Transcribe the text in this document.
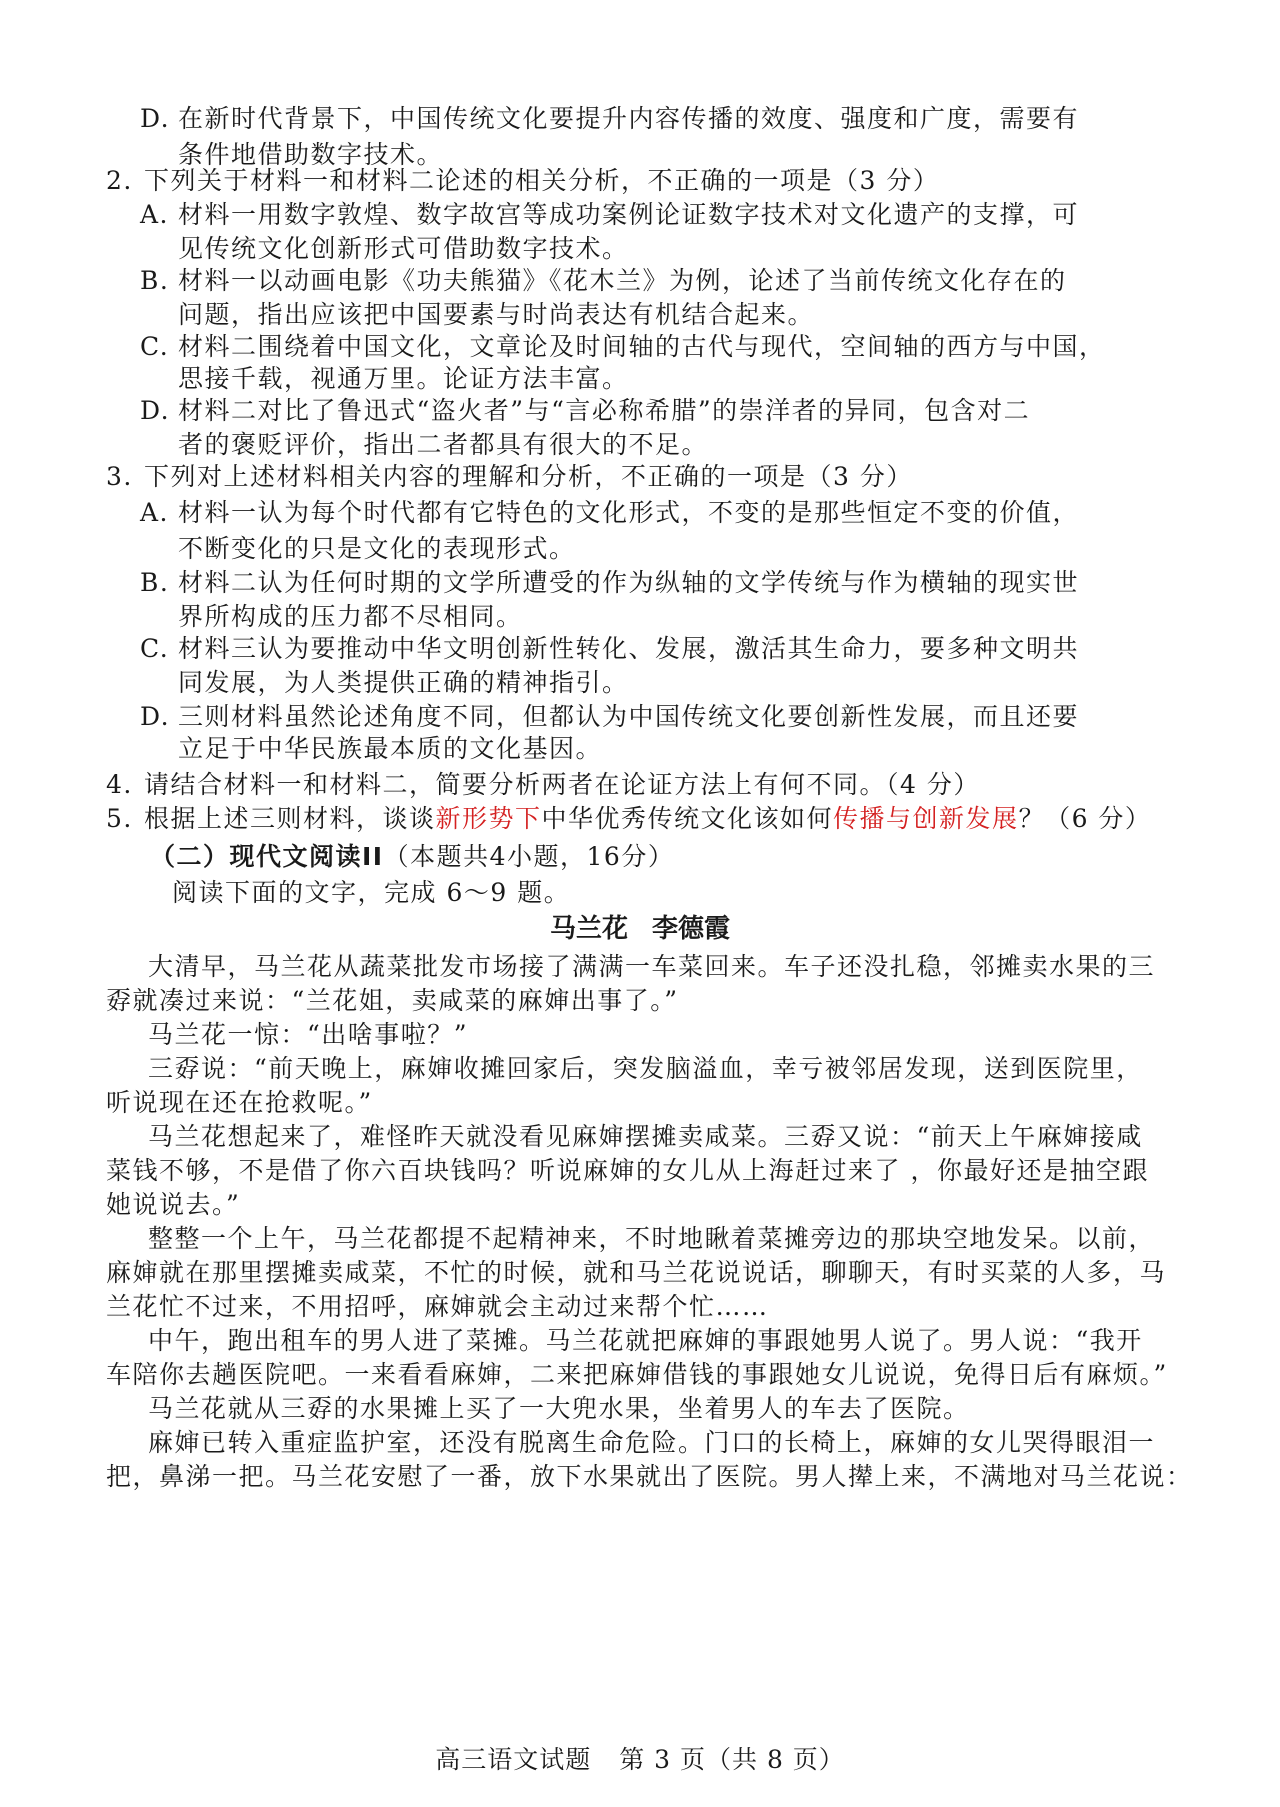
D. 在新时代背景下，中国传统文化要提升内容传播的效度、强度和广度，需要有
条件地借助数字技术。
2. 下列关于材料一和材料二论述的相关分析，不正确的一项是（3 分）
A. 材料一用数字敦煌、数字故宫等成功案例论证数字技术对文化遗产的支撑，可
见传统文化创新形式可借助数字技术。
B. 材料一以动画电影《功夫熊猫》《花木兰》为例，论述了当前传统文化存在的
问题，指出应该把中国要素与时尚表达有机结合起来。
C. 材料二围绕着中国文化，文章论及时间轴的古代与现代，空间轴的西方与中国，
思接千载，视通万里。论证方法丰富。
D. 材料二对比了鲁迅式“盗火者”与“言必称希腊”的崇洋者的异同，包含对二
者的褒贬评价，指出二者都具有很大的不足。
3. 下列对上述材料相关内容的理解和分析，不正确的一项是（3 分）
A. 材料一认为每个时代都有它特色的文化形式，不变的是那些恒定不变的价值，
不断变化的只是文化的表现形式。
B. 材料二认为任何时期的文学所遭受的作为纵轴的文学传统与作为横轴的现实世
界所构成的压力都不尽相同。
C. 材料三认为要推动中华文明创新性转化、发展，激活其生命力，要多种文明共
同发展，为人类提供正确的精神指引。
D. 三则材料虽然论述角度不同，但都认为中国传统文化要创新性发展，而且还要
立足于中华民族最本质的文化基因。
4. 请结合材料一和材料二，简要分析两者在论证方法上有何不同。（4 分）
5. 根据上述三则材料，谈谈新形势下中华优秀传统文化该如何传播与创新发展？（6 分）
（二）现代文阅读II（本题共4小题，16分）
阅读下面的文字，完成 6～9 题。
马兰花 李德霞
大清早，马兰花从蔬菜批发市场接了满满一车菜回来。车子还没扎稳，邻摊卖水果的三
孬就凑过来说：“兰花姐，卖咸菜的麻婶出事了。”
马兰花一惊：“出啥事啦？”
三孬说：“前天晚上，麻婶收摊回家后，突发脑溢血，幸亏被邻居发现，送到医院里，
听说现在还在抢救呢。”
马兰花想起来了，难怪昨天就没看见麻婶摆摊卖咸菜。三孬又说：“前天上午麻婶接咸
菜钱不够，不是借了你六百块钱吗？听说麻婶的女儿从上海赶过来了 ，你最好还是抽空跟
她说说去。”
整整一个上午，马兰花都提不起精神来，不时地瞅着菜摊旁边的那块空地发呆。以前，
麻婶就在那里摆摊卖咸菜，不忙的时候，就和马兰花说说话，聊聊天，有时买菜的人多，马
兰花忙不过来，不用招呼，麻婶就会主动过来帮个忙……
中午，跑出租车的男人进了菜摊。马兰花就把麻婶的事跟她男人说了。男人说：“我开
车陪你去趟医院吧。一来看看麻婶，二来把麻婶借钱的事跟她女儿说说，免得日后有麻烦。”
马兰花就从三孬的水果摊上买了一大兜水果，坐着男人的车去了医院。
麻婶已转入重症监护室，还没有脱离生命危险。门口的长椅上，麻婶的女儿哭得眼泪一
把，鼻涕一把。马兰花安慰了一番，放下水果就出了医院。男人撵上来，不满地对马兰花说：
高三语文试题 第 3 页（共 8 页）
